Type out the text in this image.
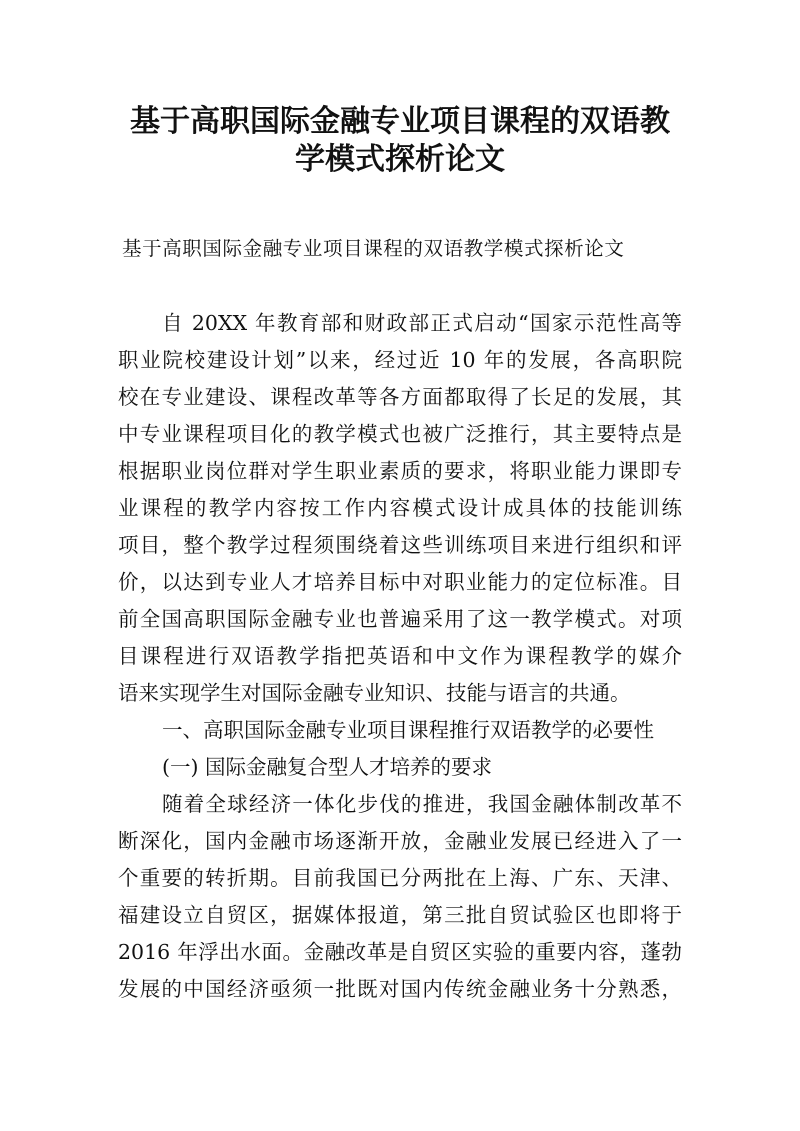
基于高职国际金融专业项目课程的双语教
学模式探析论文
基于高职国际金融专业项目课程的双语教学模式探析论文
自 20XX 年教育部和财政部正式启动“国家示范性高等
职业院校建设计划”以来，经过近 10 年的发展，各高职院
校在专业建设、课程改革等各方面都取得了长足的发展，其
中专业课程项目化的教学模式也被广泛推行，其主要特点是
根据职业岗位群对学生职业素质的要求，将职业能力课即专
业课程的教学内容按工作内容模式设计成具体的技能训练
项目，整个教学过程须围绕着这些训练项目来进行组织和评
价，以达到专业人才培养目标中对职业能力的定位标准。目
前全国高职国际金融专业也普遍采用了这一教学模式。对项
目课程进行双语教学指把英语和中文作为课程教学的媒介
语来实现学生对国际金融专业知识、技能与语言的共通。
一、高职国际金融专业项目课程推行双语教学的必要性
(一) 国际金融复合型人才培养的要求
随着全球经济一体化步伐的推进，我国金融体制改革不
断深化，国内金融市场逐渐开放，金融业发展已经进入了一
个重要的转折期。目前我国已分两批在上海、广东、天津、
福建设立自贸区，据媒体报道，第三批自贸试验区也即将于
2016 年浮出水面。金融改革是自贸区实验的重要内容，蓬勃
发展的中国经济亟须一批既对国内传统金融业务十分熟悉，
